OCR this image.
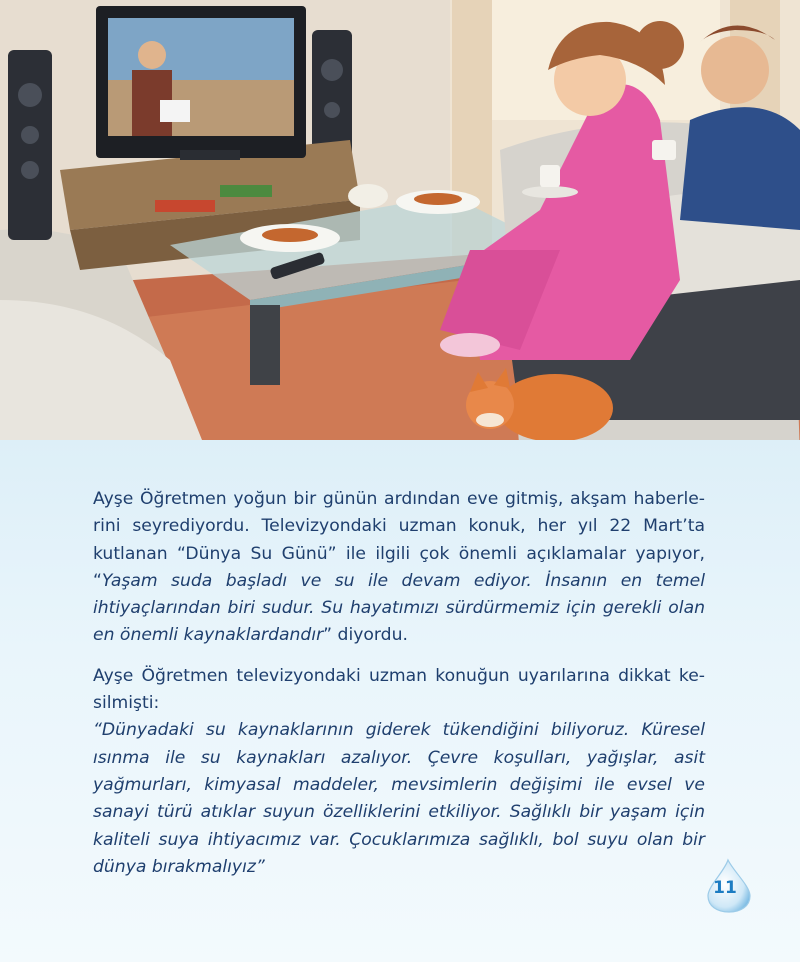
Ayşe Öğretmen yoğun bir günün ardından eve gitmiş, akşam haberlerini seyrediyordu. Televizyondaki uzman konuk, her yıl 22 Mart’ta kutlanan “Dünya Su Günü” ile ilgili çok önemli açıklamalar yapıyor, “Yaşam suda başladı ve su ile devam ediyor. İnsanın en temel ihtiyaçlarından biri sudur. Su hayatımızı sürdürmemiz için gerekli olan en önemli kaynaklardandır” diyordu.

Ayşe Öğretmen televizyondaki uzman konuğun uyarılarına dikkat kesilmişti:
“Dünyadaki su kaynaklarının giderek tükendiğini biliyoruz. Küresel ısınma ile su kaynakları azalıyor. Çevre koşulları, yağışlar, asit yağmurları, kimyasal maddeler, mevsimlerin değişimi ile evsel ve sanayi türü atıklar suyun özelliklerini etkiliyor. Sağlıklı bir yaşam için kaliteli suya ihtiyacımız var. Çocuklarımıza sağlıklı, bol suyu olan bir dünya bırakmalıyız”

11
